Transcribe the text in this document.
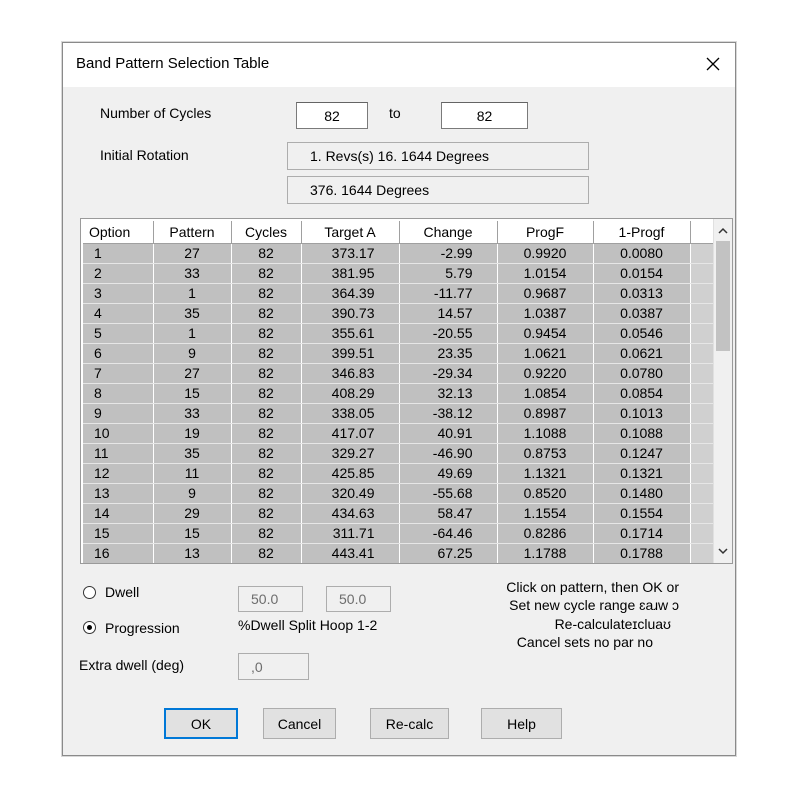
Band Pattern Selection Table
Number of Cycles	82	to	82
Initial Rotation	1. Revs(s) 16. 1644 Degrees
376. 1644 Degrees
Option	Pattern	Cycles	Target A	Change	ProgF	1-Progf	
1	27	82	373.17	-2.99	0.9920	0.0080	
2	33	82	381.95	5.79	1.0154	0.0154	
3	1	82	364.39	-11.77	0.9687	0.0313	
4	35	82	390.73	14.57	1.0387	0.0387	
5	1	82	355.61	-20.55	0.9454	0.0546	
6	9	82	399.51	23.35	1.0621	0.0621	
7	27	82	346.83	-29.34	0.9220	0.0780	
8	15	82	408.29	32.13	1.0854	0.0854	
9	33	82	338.05	-38.12	0.8987	0.1013	
10	19	82	417.07	40.91	1.1088	0.1088	
11	35	82	329.27	-46.90	0.8753	0.1247	
12	11	82	425.85	49.69	1.1321	0.1321	
13	9	82	320.49	-55.68	0.8520	0.1480	
14	29	82	434.63	58.47	1.1554	0.1554	
15	15	82	311.71	-64.46	0.8286	0.1714	
16	13	82	443.41	67.25	1.1788	0.1788	
Dwell
Progression
50.0	50.0
%Dwell Split Hoop 1-2
Extra dwell (deg)	,0
Click on pattern, then OK or
Set new cycle range ɛaɹw ɔ
Re-calculateɪcluaʊ
Cancel sets no par no
OK	Cancel	Re-calc	Help
